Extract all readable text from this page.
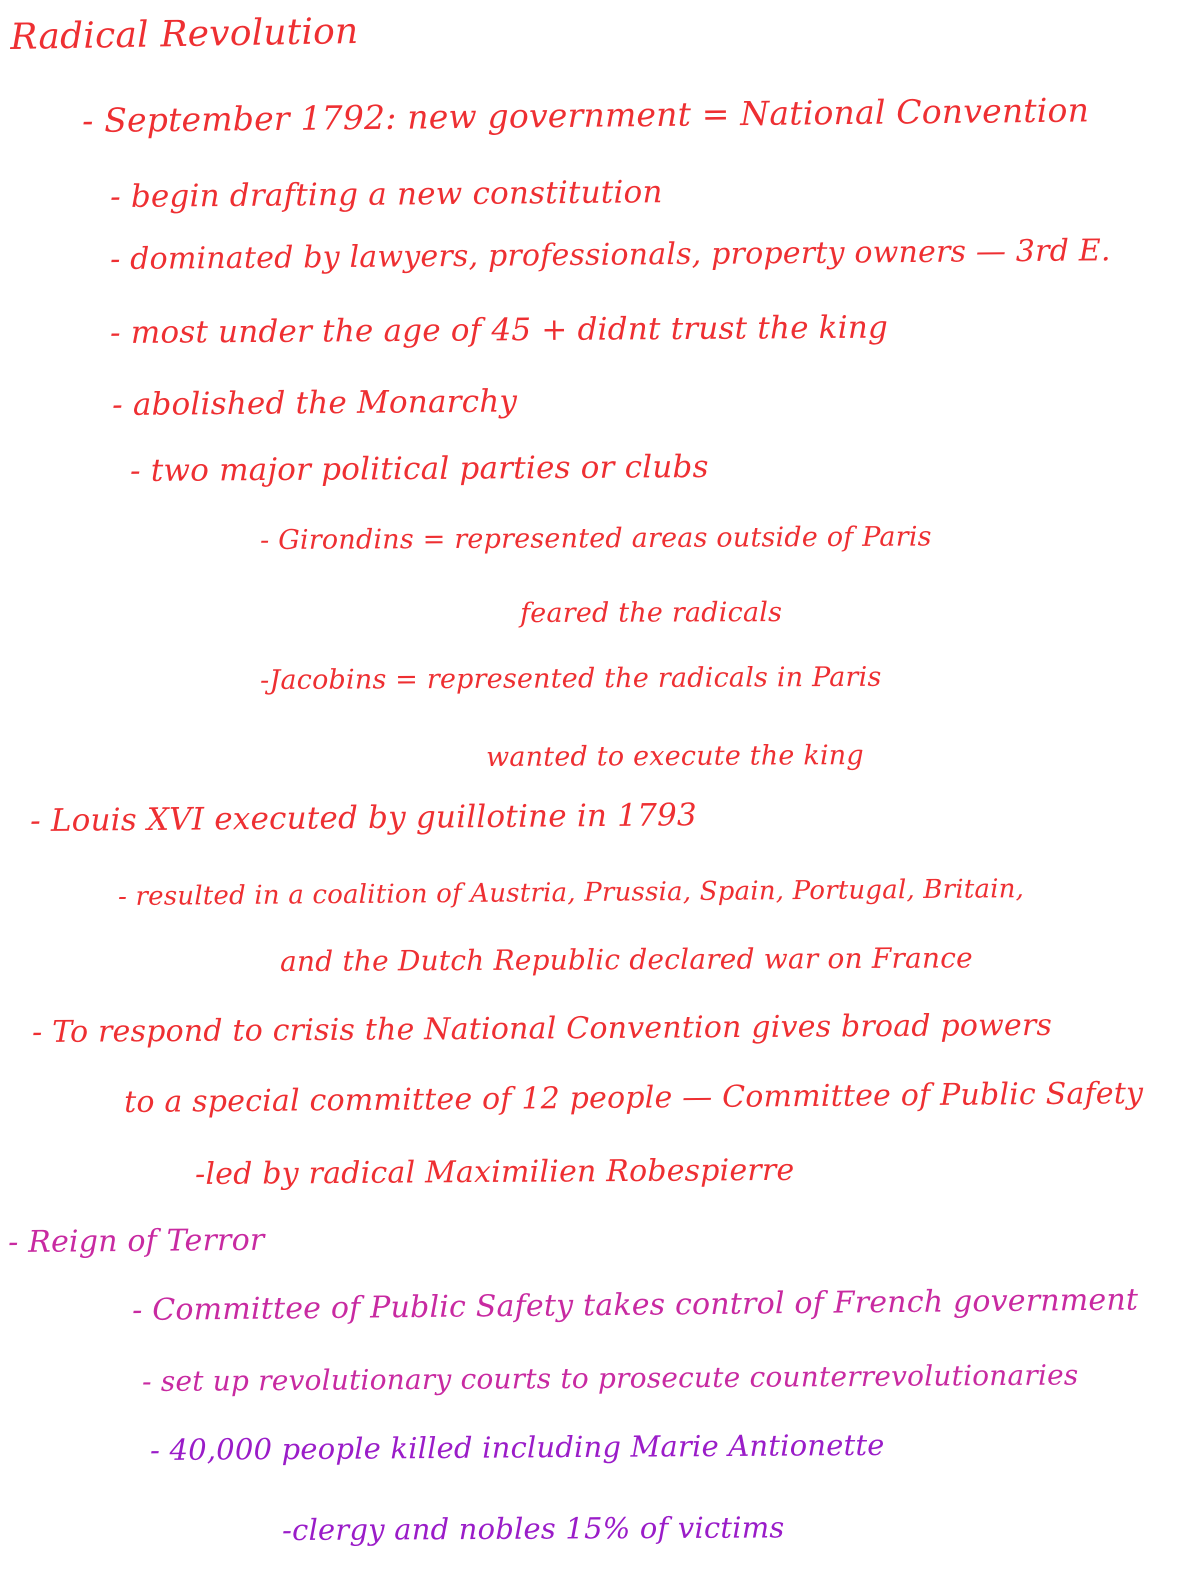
Radical Revolution
- September 1792: new government = National Convention
- begin drafting a new constitution
- dominated by lawyers, professionals, property owners — 3rd E.
- most under the age of 45 + didnt trust the king
- abolished the Monarchy
- two major political parties or clubs
- Girondins = represented areas outside of Paris
feared the radicals
-Jacobins = represented the radicals in Paris
wanted to execute the king
- Louis XVI executed by guillotine in 1793
- resulted in a coalition of Austria, Prussia, Spain, Portugal, Britain,
and the Dutch Republic declared war on France
- To respond to crisis the National Convention gives broad powers
to a special committee of 12 people — Committee of Public Safety
-led by radical Maximilien Robespierre
- Reign of Terror
- Committee of Public Safety takes control of French government
- set up revolutionary courts to prosecute counterrevolutionaries
- 40,000 people killed including Marie Antionette
-clergy and nobles 15% of victims
